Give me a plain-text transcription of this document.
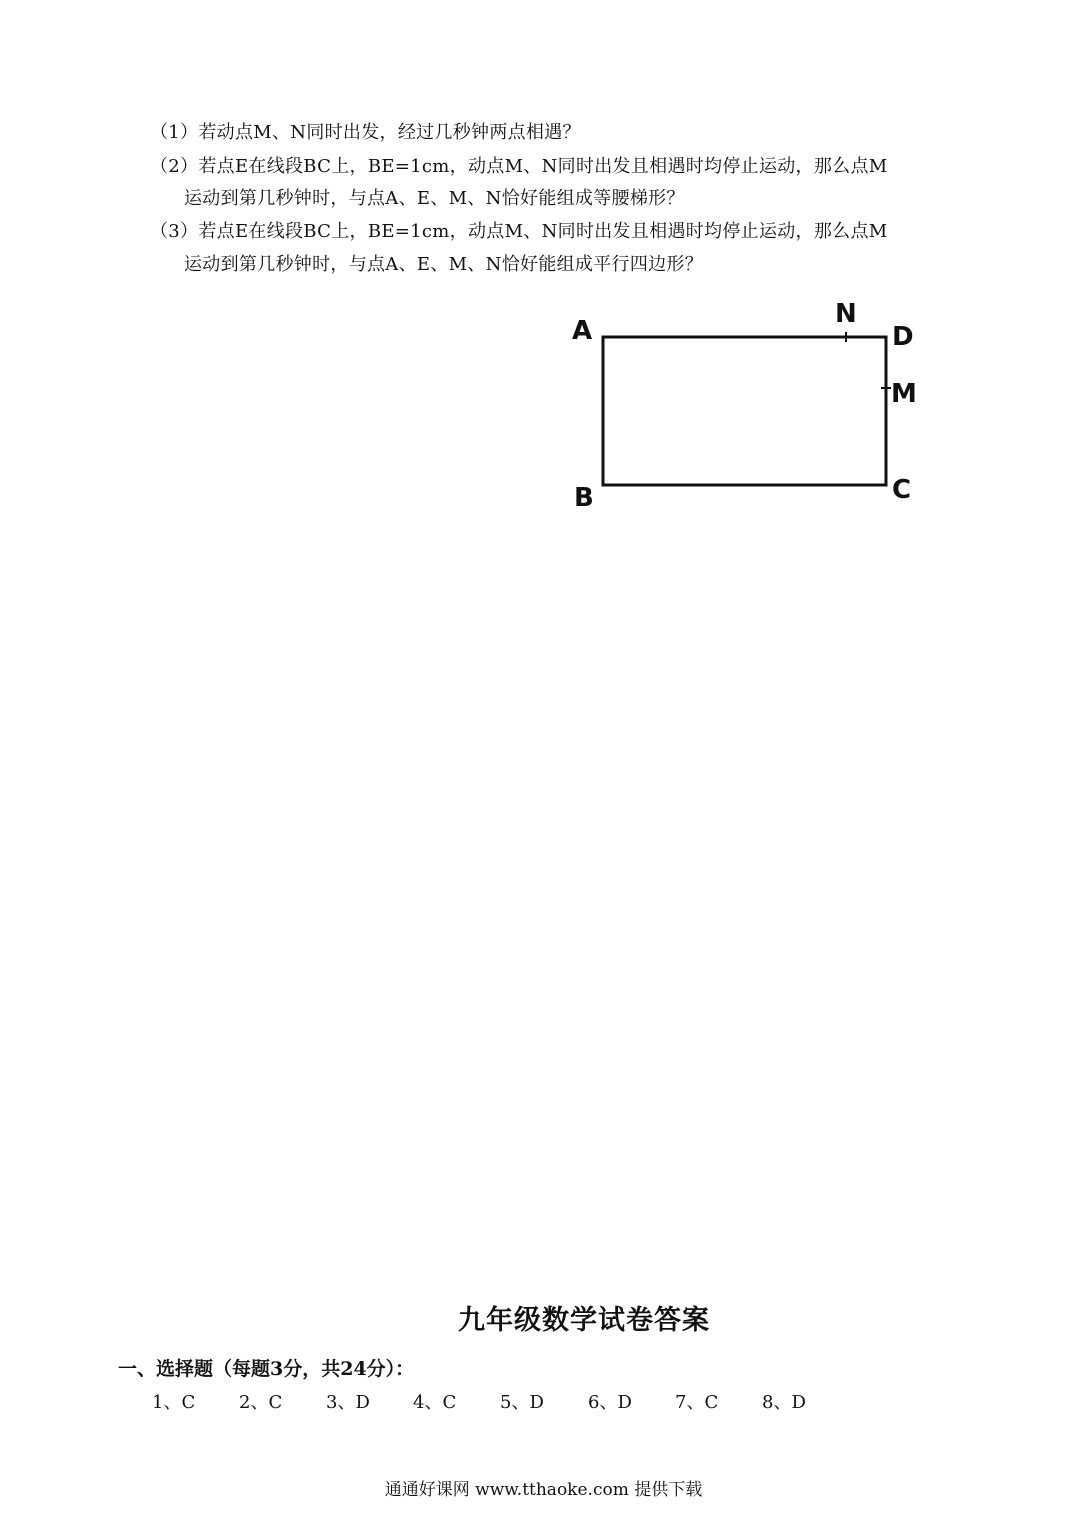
（1）若动点M、N同时出发，经过几秒钟两点相遇？
（2）若点E在线段BC上，BE=1cm，动点M、N同时出发且相遇时均停止运动，那么点M
运动到第几秒钟时，与点A、E、M、N恰好能组成等腰梯形？
（3）若点E在线段BC上，BE=1cm，动点M、N同时出发且相遇时均停止运动，那么点M
运动到第几秒钟时，与点A、E、M、N恰好能组成平行四边形？
A
N
D
M
B	C
九年级数学试卷答案
一、选择题（每题3分，共24分）：
1、C 2、C 3、D 4、C 5、D 6、D 7、C 8、D
通通好课网 www.tthaoke.com 提供下载
